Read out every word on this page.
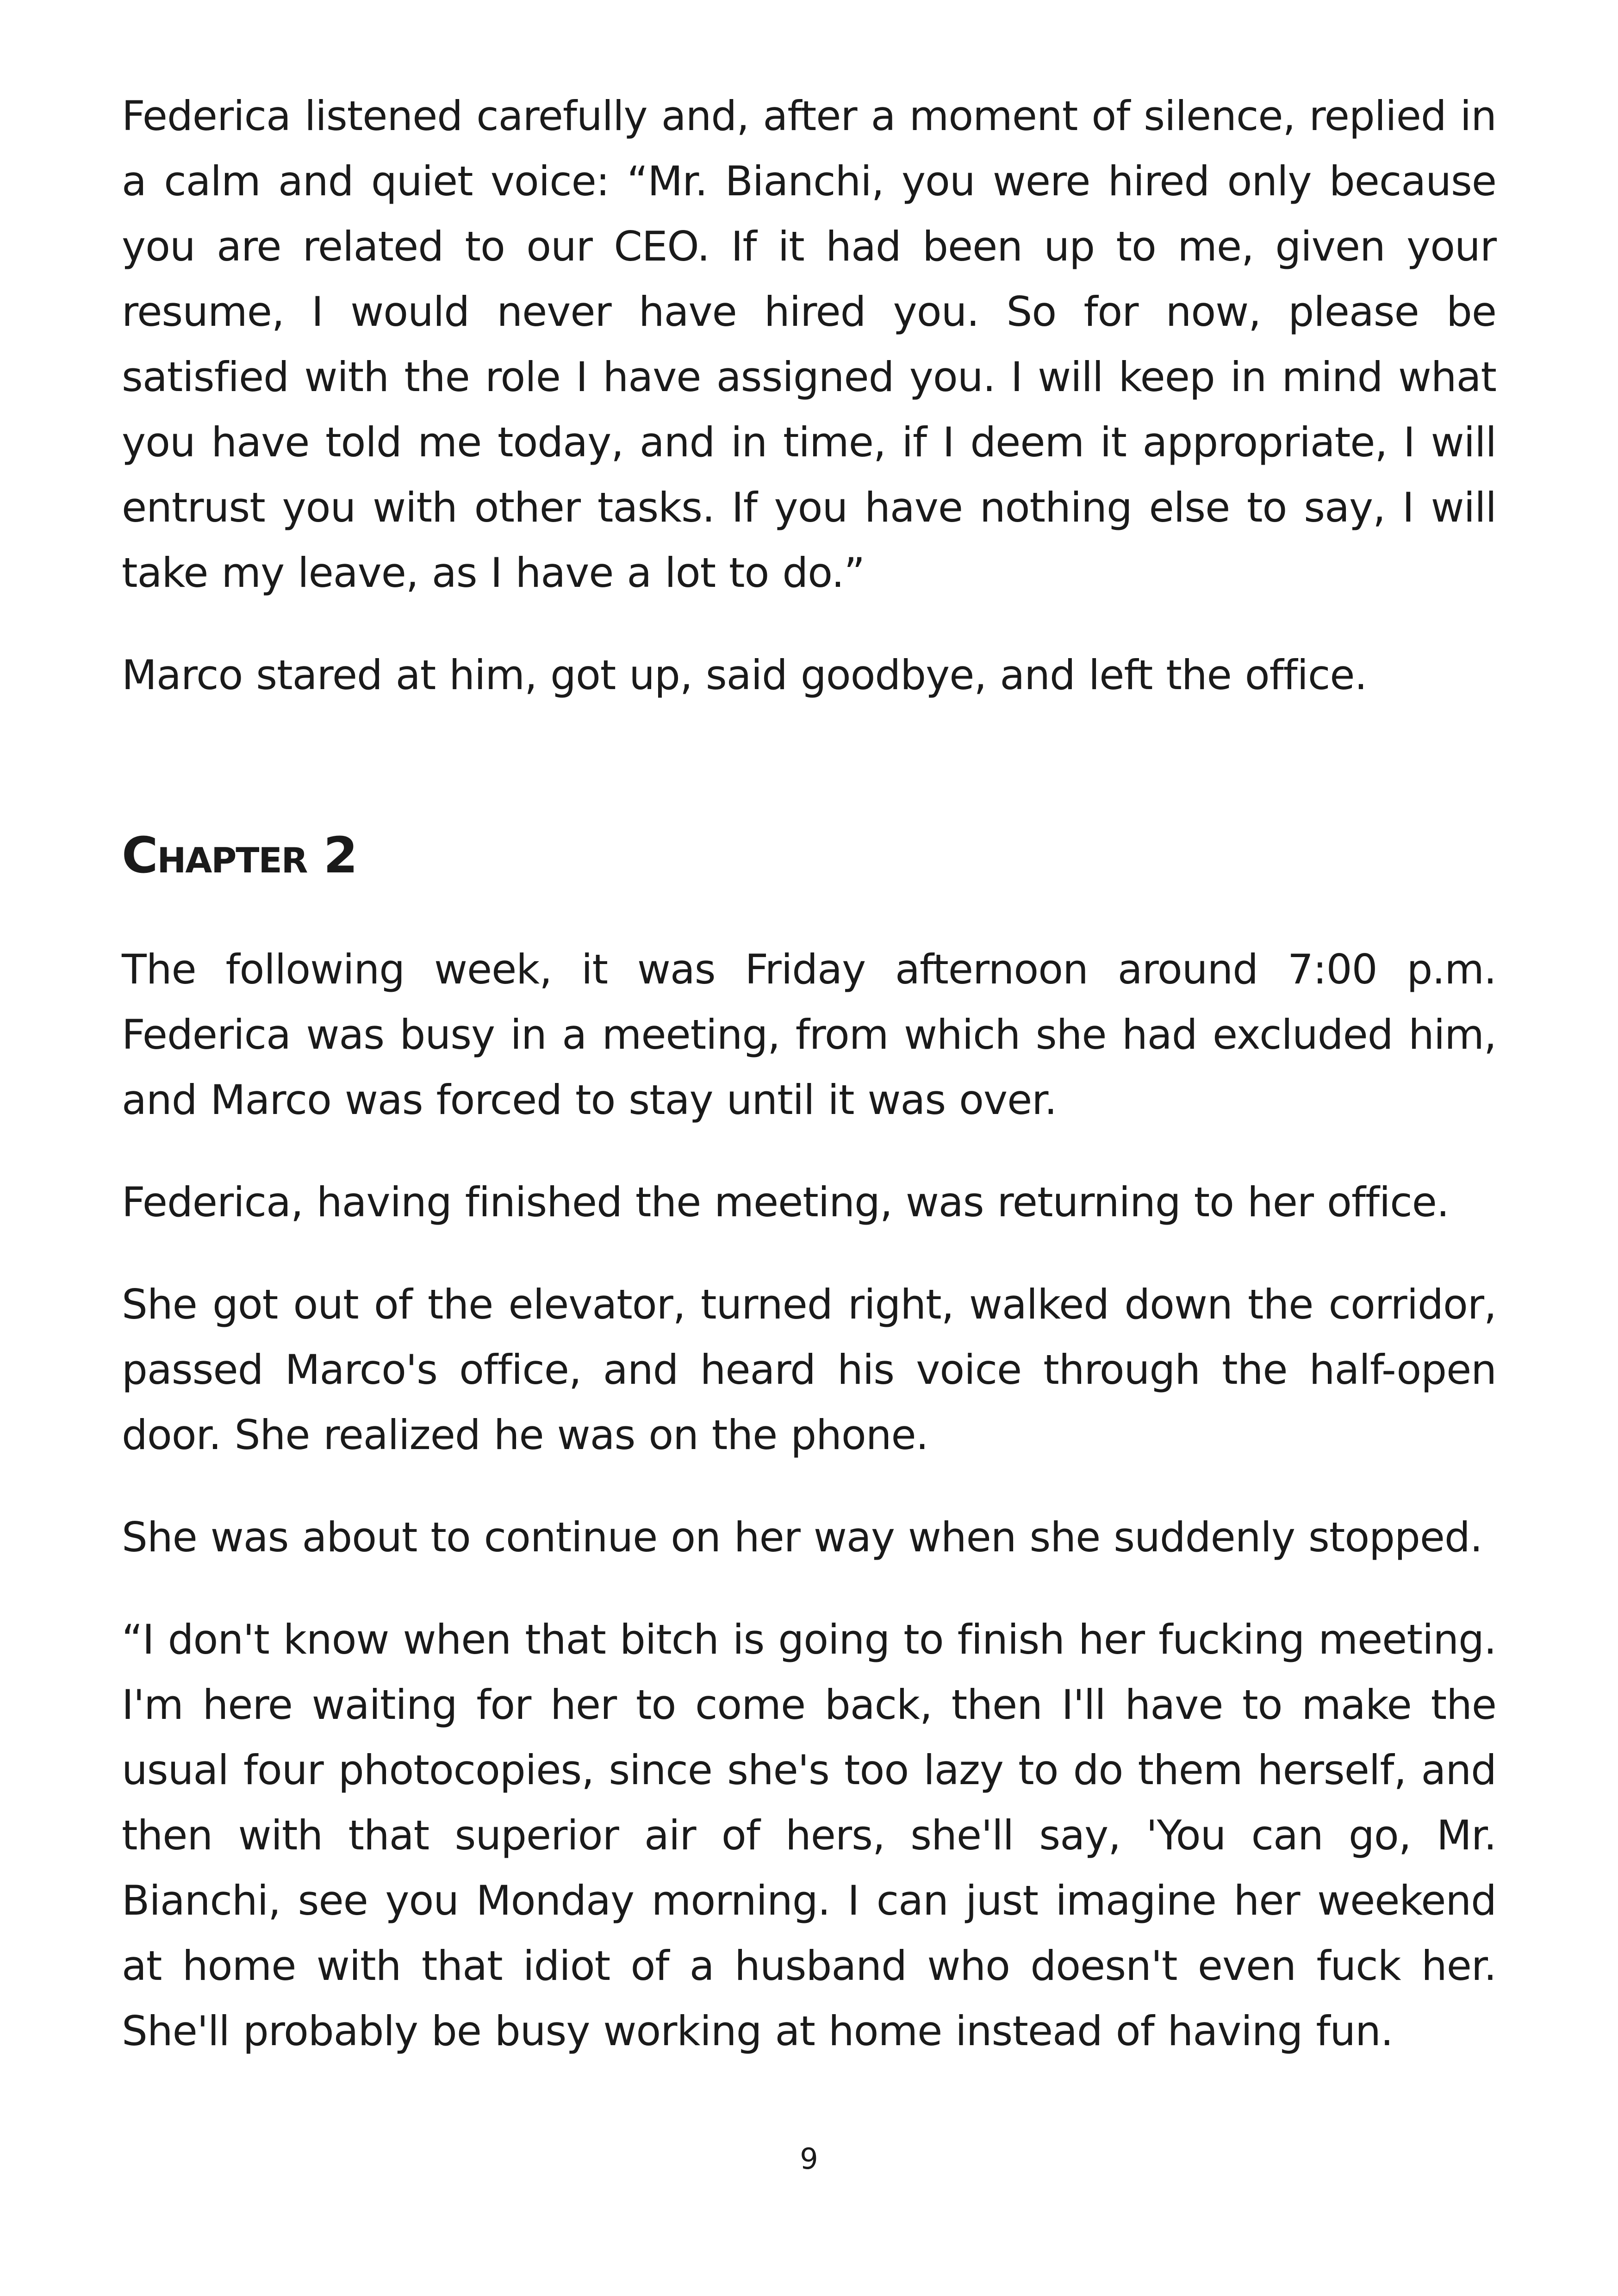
Federica listened carefully and, after a moment of silence, replied in a calm and quiet voice: “Mr. Bianchi, you were hired only because you are related to our CEO. If it had been up to me, given your resume, I would never have hired you. So for now, please be satisfied with the role I have assigned you. I will keep in mind what you have told me today, and in time, if I deem it appropriate, I will entrust you with other tasks. If you have nothing else to say, I will take my leave, as I have a lot to do.”

Marco stared at him, got up, said goodbye, and left the office.

Chapter 2

The following week, it was Friday afternoon around 7:00 p.m. Federica was busy in a meeting, from which she had excluded him, and Marco was forced to stay until it was over.

Federica, having finished the meeting, was returning to her office.

She got out of the elevator, turned right, walked down the corridor, passed Marco's office, and heard his voice through the half-open door. She realized he was on the phone.

She was about to continue on her way when she suddenly stopped.

“I don't know when that bitch is going to finish her fucking meeting. I'm here waiting for her to come back, then I'll have to make the usual four photocopies, since she's too lazy to do them herself, and then with that superior air of hers, she'll say, 'You can go, Mr. Bianchi, see you Monday morning. I can just imagine her weekend at home with that idiot of a husband who doesn't even fuck her. She'll probably be busy working at home instead of having fun.

9
